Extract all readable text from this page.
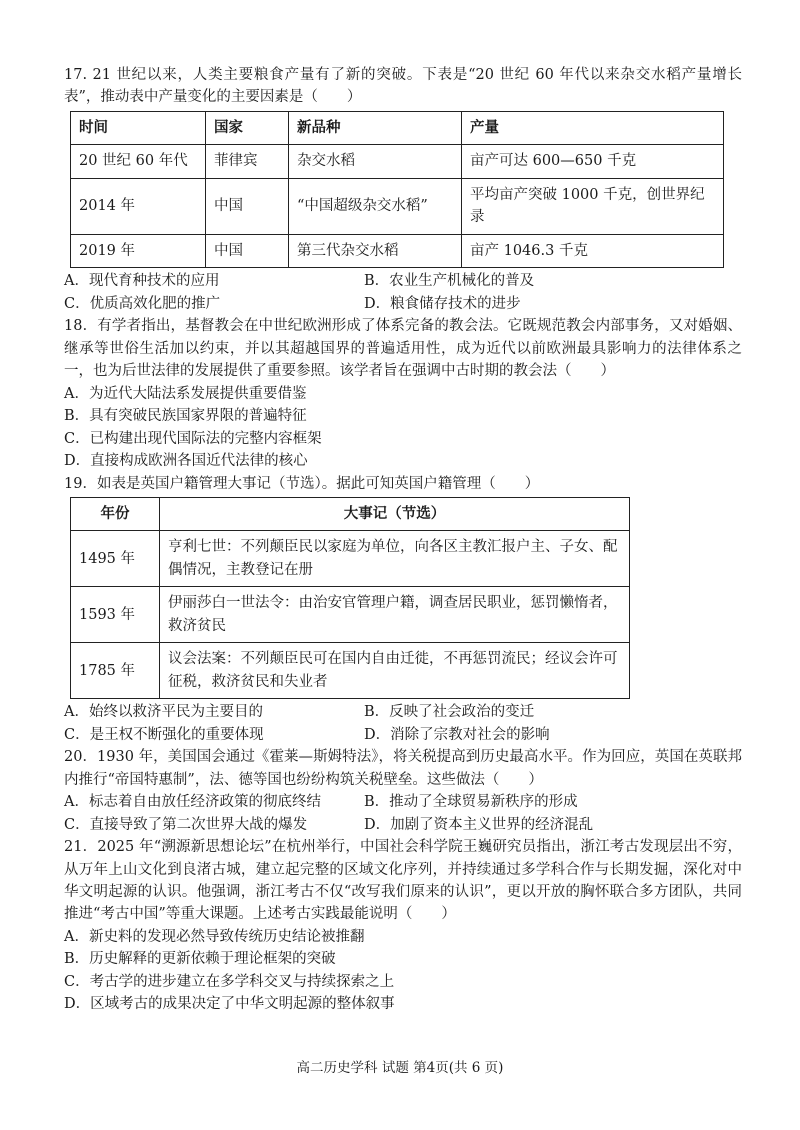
17. 21 世纪以来，人类主要粮食产量有了新的突破。下表是“20 世纪 60 年代以来杂交水稻产量增长表”，推动表中产量变化的主要因素是（　　）

时间	国家	新品种	产量
20 世纪 60 年代	菲律宾	杂交水稻	亩产可达 600—650 千克
2014 年	中国	“中国超级杂交水稻”	平均亩产突破 1000 千克，创世界纪录
2019 年	中国	第三代杂交水稻	亩产 1046.3 千克

A．现代育种技术的应用	B．农业生产机械化的普及

C．优质高效化肥的推广	D．粮食储存技术的进步

18．有学者指出，基督教会在中世纪欧洲形成了体系完备的教会法。它既规范教会内部事务，又对婚姻、继承等世俗生活加以约束，并以其超越国界的普遍适用性，成为近代以前欧洲最具影响力的法律体系之一，也为后世法律的发展提供了重要参照。该学者旨在强调中古时期的教会法（　　）

A．为近代大陆法系发展提供重要借鉴

B．具有突破民族国家界限的普遍特征

C．已构建出现代国际法的完整内容框架

D．直接构成欧洲各国近代法律的核心

19．如表是英国户籍管理大事记（节选）。据此可知英国户籍管理（　　）

年份	大事记（节选）
1495 年	亨利七世：不列颠臣民以家庭为单位，向各区主教汇报户主、子女、配偶情况，主教登记在册
1593 年	伊丽莎白一世法令：由治安官管理户籍，调查居民职业，惩罚懒惰者，救济贫民
1785 年	议会法案：不列颠臣民可在国内自由迁徙，不再惩罚流民；经议会许可征税，救济贫民和失业者

A．始终以救济平民为主要目的	B．反映了社会政治的变迁

C．是王权不断强化的重要体现	D．消除了宗教对社会的影响

20．1930 年，美国国会通过《霍莱—斯姆特法》，将关税提高到历史最高水平。作为回应，英国在英联邦内推行“帝国特惠制”，法、德等国也纷纷构筑关税壁垒。这些做法（　　）

A．标志着自由放任经济政策的彻底终结	B．推动了全球贸易新秩序的形成

C．直接导致了第二次世界大战的爆发	D．加剧了资本主义世界的经济混乱

21．2025 年“溯源新思想论坛”在杭州举行，中国社会科学院王巍研究员指出，浙江考古发现层出不穷，从万年上山文化到良渚古城，建立起完整的区域文化序列，并持续通过多学科合作与长期发掘，深化对中华文明起源的认识。他强调，浙江考古不仅“改写我们原来的认识”，更以开放的胸怀联合多方团队，共同推进“考古中国”等重大课题。上述考古实践最能说明（　　）

A．新史料的发现必然导致传统历史结论被推翻

B．历史解释的更新依赖于理论框架的突破

C．考古学的进步建立在多学科交叉与持续探索之上

D．区域考古的成果决定了中华文明起源的整体叙事

高二历史学科 试题 第4页(共 6 页)
